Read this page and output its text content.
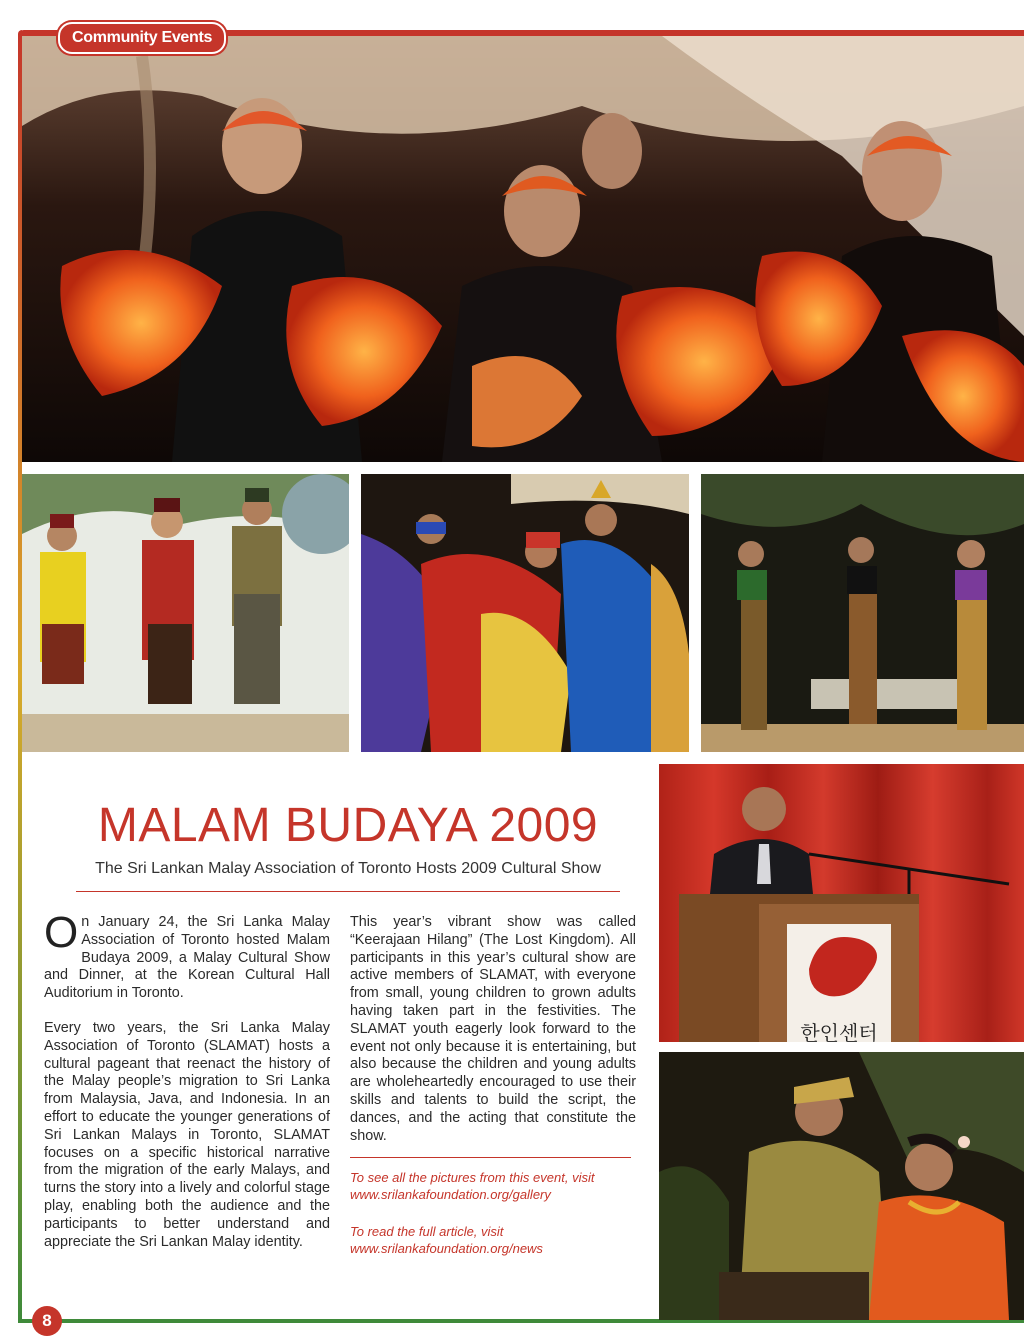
Community Events
한인센터
MALAM BUDAYA 2009

The Sri Lankan Malay Association of Toronto Hosts 2009 Cultural Show

On January 24, the Sri Lanka Malay Association of Toronto hosted Malam Budaya 2009, a Malay Cultural Show and Dinner, at the Korean Cultural Hall Auditorium in Toronto.

Every two years, the Sri Lanka Malay Association of Toronto (SLAMAT) hosts a cultural pageant that reenact the history of the Malay people’s migration to Sri Lanka from Malaysia, Java, and Indonesia. In an effort to educate the younger generations of Sri Lankan Malays in Toronto, SLAMAT focuses on a specific historical narrative from the migration of the early Malays, and turns the story into a lively and colorful stage play, enabling both the audience and the participants to better understand and appreciate the Sri Lankan Malay identity.

This year’s vibrant show was called “Keerajaan Hilang” (The Lost Kingdom). All participants in this year’s cultural show are active members of SLAMAT, with everyone from small, young children to grown adults having taken part in the festivities. The SLAMAT youth eagerly look forward to the event not only because it is entertaining, but also because the children and young adults are wholeheartedly encouraged to use their skills and talents to build the script, the dances, and the acting that constitute the show.

To see all the pictures from this event, visit www.srilankafoundation.org/gallery

To read the full article, visit www.srilankafoundation.org/news

8
